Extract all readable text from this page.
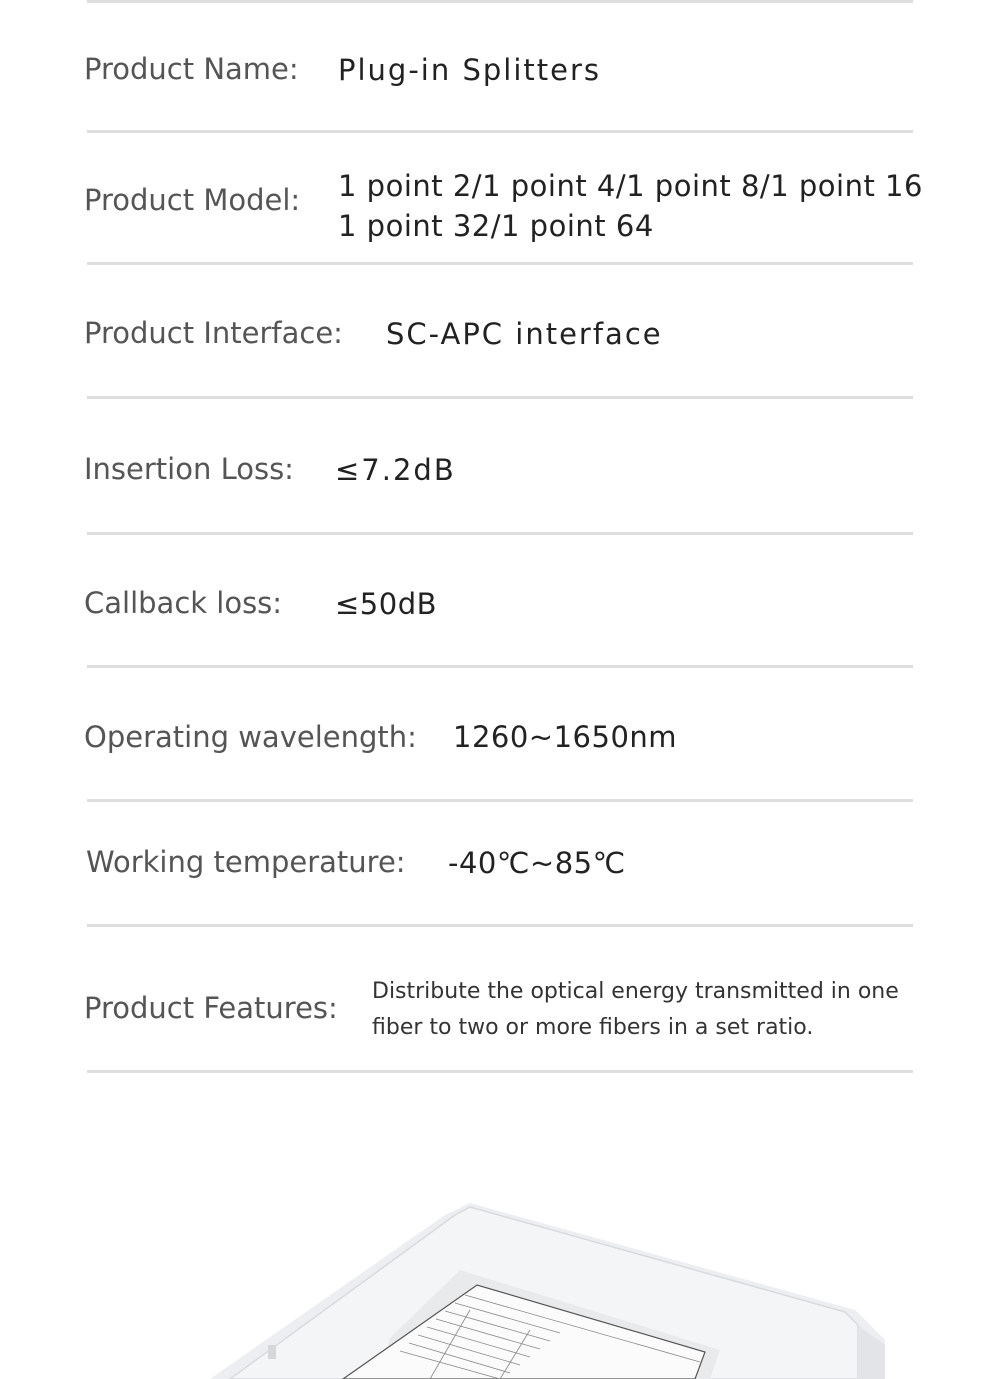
Product Name: Plug-in Splitters
Product Model: 1 point 2/1 point 4/1 point 8/1 point 16
1 point 32/1 point 64
Product Interface: SC-APC interface
Insertion Loss: ≤7.2dB
Callback loss: ≤50dB
Operating wavelength: 1260~1650nm
Working temperature: -40℃~85℃
Product Features: Distribute the optical energy transmitted in one
fiber to two or more fibers in a set ratio.
